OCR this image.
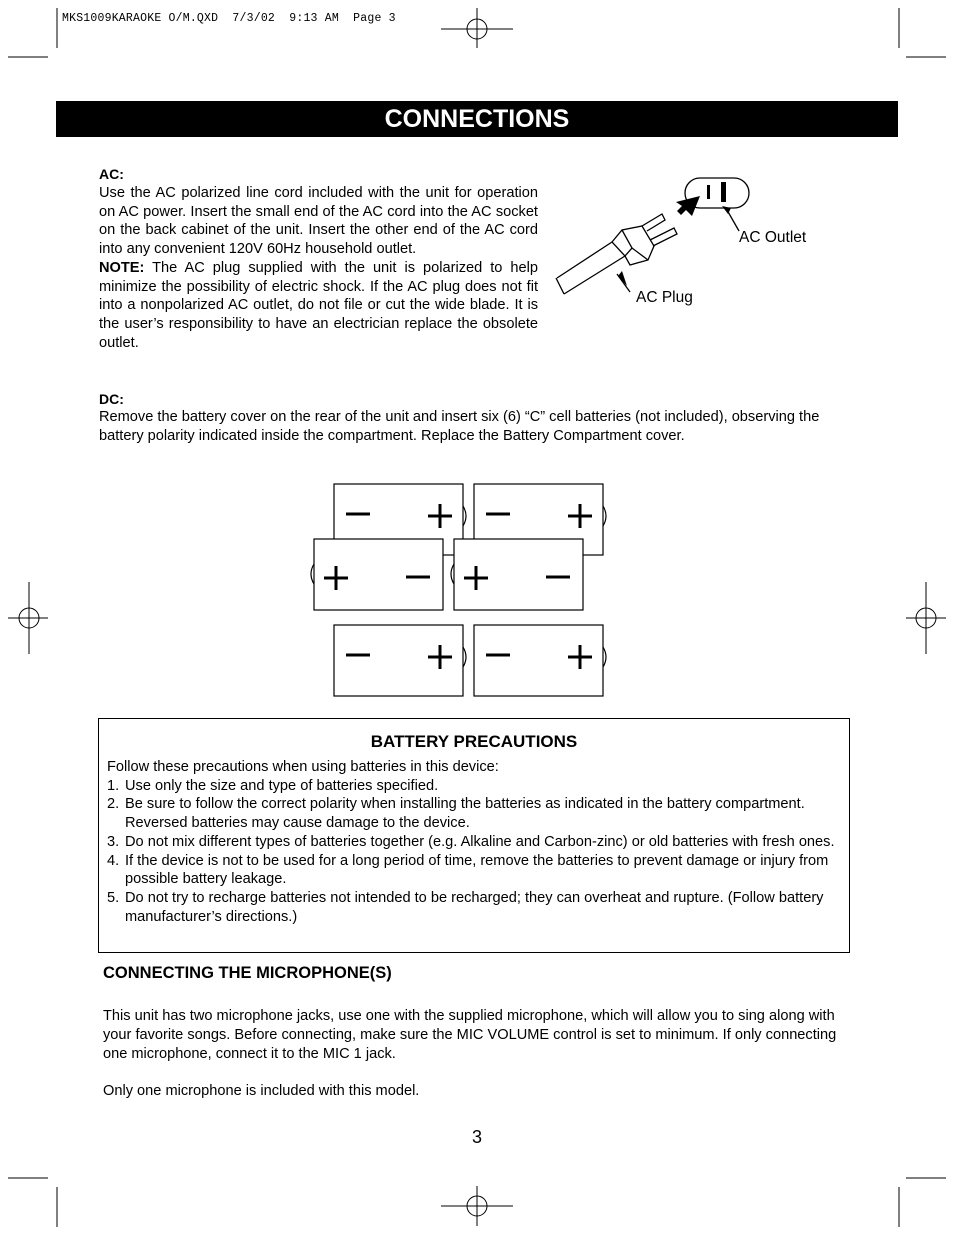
MKS1009KARAOKE O/M.QXD  7/3/02  9:13 AM  Page 3
CONNECTIONS
AC:
Use the AC polarized line cord included with the unit for operation on AC power. Insert the small end of the AC cord into the AC socket on the back cabinet of the unit. Insert the other end of the AC cord into any convenient 120V 60Hz household outlet.
NOTE: The AC plug supplied with the unit is polarized to help minimize the possibility of electric shock. If the AC plug does not fit into a nonpolarized AC outlet, do not file or cut the wide blade. It is the user’s responsibility to have an electrician replace the obsolete outlet.
AC Outlet
AC Plug
DC:
Remove the battery cover on the rear of the unit and insert six (6) “C” cell batteries (not included), observing the battery polarity indicated inside the compartment. Replace the Battery Compartment cover.
BATTERY PRECAUTIONS
Follow these precautions when using batteries in this device:
1. Use only the size and type of batteries specified.
2. Be sure to follow the correct polarity when installing the batteries as indicated in the battery compartment. Reversed batteries may cause damage to the device.
3. Do not mix different types of batteries together (e.g. Alkaline and Carbon-zinc) or old batteries with fresh ones.
4. If the device is not to be used for a long period of time, remove the batteries to prevent damage or injury from possible battery leakage.
5. Do not try to recharge batteries not intended to be recharged; they can overheat and rupture. (Follow battery manufacturer’s directions.)
CONNECTING THE MICROPHONE(S)
This unit has two microphone jacks, use one with the supplied microphone, which will allow you to sing along with your favorite songs. Before connecting, make sure the MIC VOLUME control is set to minimum. If only connecting one microphone, connect it to the MIC 1 jack.
Only one microphone is included with this model.
3
